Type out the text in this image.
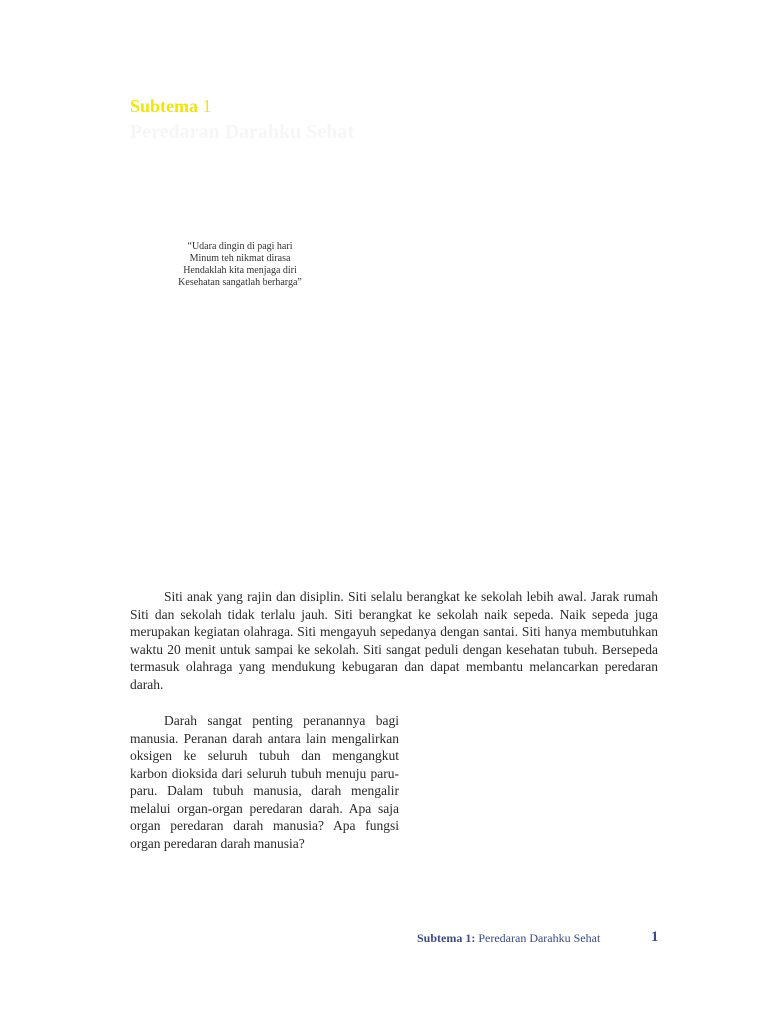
Subtema 1
Peredaran Darahku Sehat
“Udara dingin di pagi hari
Minum teh nikmat dirasa
Hendaklah kita menjaga diri
Kesehatan sangatlah berharga”

Siti anak yang rajin dan disiplin. Siti selalu berangkat ke sekolah lebih awal. Jarak rumah Siti dan sekolah tidak terlalu jauh. Siti berangkat ke sekolah naik sepeda. Naik sepeda juga merupakan kegiatan olahraga. Siti mengayuh sepedanya dengan santai. Siti hanya membutuhkan waktu 20 menit untuk sampai ke sekolah. Siti sangat peduli dengan kesehatan tubuh. Bersepeda termasuk olahraga yang mendukung kebugaran dan dapat membantu melancarkan peredaran darah.

Darah sangat penting peranannya bagi manusia. Peranan darah antara lain mengalirkan oksigen ke seluruh tubuh dan mengangkut karbon dioksida dari seluruh tubuh menuju paru-paru. Dalam tubuh manusia, darah mengalir melalui organ-organ peredaran darah. Apa saja organ peredaran darah manusia? Apa fungsi organ peredaran darah manusia?

Subtema 1: Peredaran Darahku Sehat	1
